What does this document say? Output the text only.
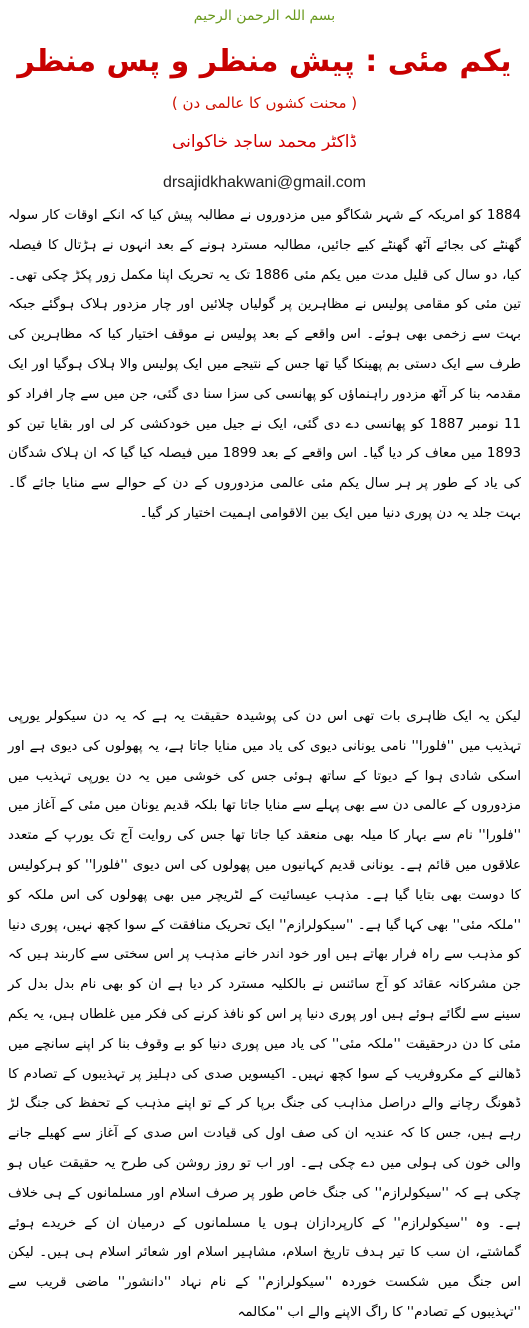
بسم اللہ الرحمن الرحیم
یکم مئی : پیش منظر و پس منظر
( محنت کشوں کا عالمی دن )
ڈاکٹر محمد ساجد خاکوانی
drsajidkhakwani@gmail.com

1884 کو امریکہ کے شہر شکاگو میں مزدوروں نے مطالبہ پیش کیا کہ انکے اوقات کار سولہ گھنٹے کی بجائے آٹھ گھنٹے کیے جائیں، مطالبہ مسترد ہونے کے بعد انہوں نے ہڑتال کا فیصلہ کیا، دو سال کی قلیل مدت میں یکم مئی 1886 تک یہ تحریک اپنا مکمل زور پکڑ چکی تھی۔ تین مئی کو مقامی پولیس نے مظاہرین پر گولیاں چلائیں اور چار مزدور ہلاک ہوگئے جبکہ بہت سے زخمی بھی ہوئے۔ اس واقعے کے بعد پولیس نے موقف اختیار کیا کہ مظاہرین کی طرف سے ایک دستی بم پھینکا گیا تھا جس کے نتیجے میں ایک پولیس والا ہلاک ہوگیا اور ایک مقدمہ بنا کر آٹھ مزدور راہنماؤں کو پھانسی کی سزا سنا دی گئی، جن میں سے چار افراد کو 11 نومبر 1887 کو پھانسی دے دی گئی، ایک نے جیل میں خودکشی کر لی اور بقایا تین کو 1893 میں معاف کر دیا گیا۔ اس واقعے کے بعد 1899 میں فیصلہ کیا گیا کہ ان ہلاک شدگان کی یاد کے طور پر ہر سال یکم مئی عالمی مزدوروں کے دن کے حوالے سے منایا جائے گا۔ بہت جلد یہ دن پوری دنیا میں ایک بین الاقوامی اہمیت اختیار کر گیا۔

لیکن یہ ایک ظاہری بات تھی اس دن کی پوشیدہ حقیقت یہ ہے کہ یہ دن سیکولر یورپی تہذیب میں ''فلورا'' نامی یونانی دیوی کی یاد میں منایا جاتا ہے، یہ پھولوں کی دیوی ہے اور اسکی شادی ہوا کے دیوتا کے ساتھ ہوئی جس کی خوشی میں یہ دن یورپی تہذیب میں مزدوروں کے عالمی دن سے بھی پہلے سے منایا جاتا تھا بلکہ قدیم یونان میں مئی کے آغاز میں ''فلورا'' نام سے بہار کا میلہ بھی منعقد کیا جاتا تھا جس کی روایت آج تک یورپ کے متعدد علاقوں میں قائم ہے۔ یونانی قدیم کہانیوں میں پھولوں کی اس دیوی ''فلورا'' کو ہرکولیس کا دوست بھی بتایا گیا ہے۔ مذہب عیسائیت کے لٹریچر میں بھی پھولوں کی اس ملکہ کو ''ملکہ مئی'' بھی کہا گیا ہے۔ ''سیکولرازم'' ایک تحریک منافقت کے سوا کچھ نہیں، پوری دنیا کو مذہب سے راہ فرار بھاتے ہیں اور خود اندر خانے مذہب پر اس سختی سے کاربند ہیں کہ جن مشرکانہ عقائد کو آج سائنس نے بالکلیہ مسترد کر دیا ہے ان کو بھی نام بدل بدل کر سینے سے لگائے ہوئے ہیں اور پوری دنیا پر اس کو نافذ کرنے کی فکر میں غلطاں ہیں، یہ یکم مئی کا دن درحقیقت ''ملکہ مئی'' کی یاد میں پوری دنیا کو بے وقوف بنا کر اپنے سانچے میں ڈھالنے کے مکروفریب کے سوا کچھ نہیں۔ اکیسویں صدی کی دہلیز پر تہذیبوں کے تصادم کا ڈھونگ رچانے والے دراصل مذاہب کی جنگ برپا کر کے تو اپنے مذہب کے تحفظ کی جنگ لڑ رہے ہیں، جس کا کہ عندیہ ان کی صف اول کی قیادت اس صدی کے آغاز سے کھیلے جانے والی خون کی ہولی میں دے چکی ہے۔ اور اب تو روز روشن کی طرح یہ حقیقت عیاں ہو چکی ہے کہ ''سیکولرازم'' کی جنگ خاص طور پر صرف اسلام اور مسلمانوں کے ہی خلاف ہے۔ وہ ''سیکولرازم'' کے کارپردازان ہوں یا مسلمانوں کے درمیان ان کے خریدے ہوئے گماشتے، ان سب کا تیر ہدف تاریخ اسلام، مشاہیر اسلام اور شعائر اسلام ہی ہیں۔ لیکن اس جنگ میں شکست خوردہ ''سیکولرازم'' کے نام نہاد ''دانشور'' ماضی قریب سے ''تہذیبوں کے تصادم'' کا راگ الاپنے والے اب ''مکالمہ
